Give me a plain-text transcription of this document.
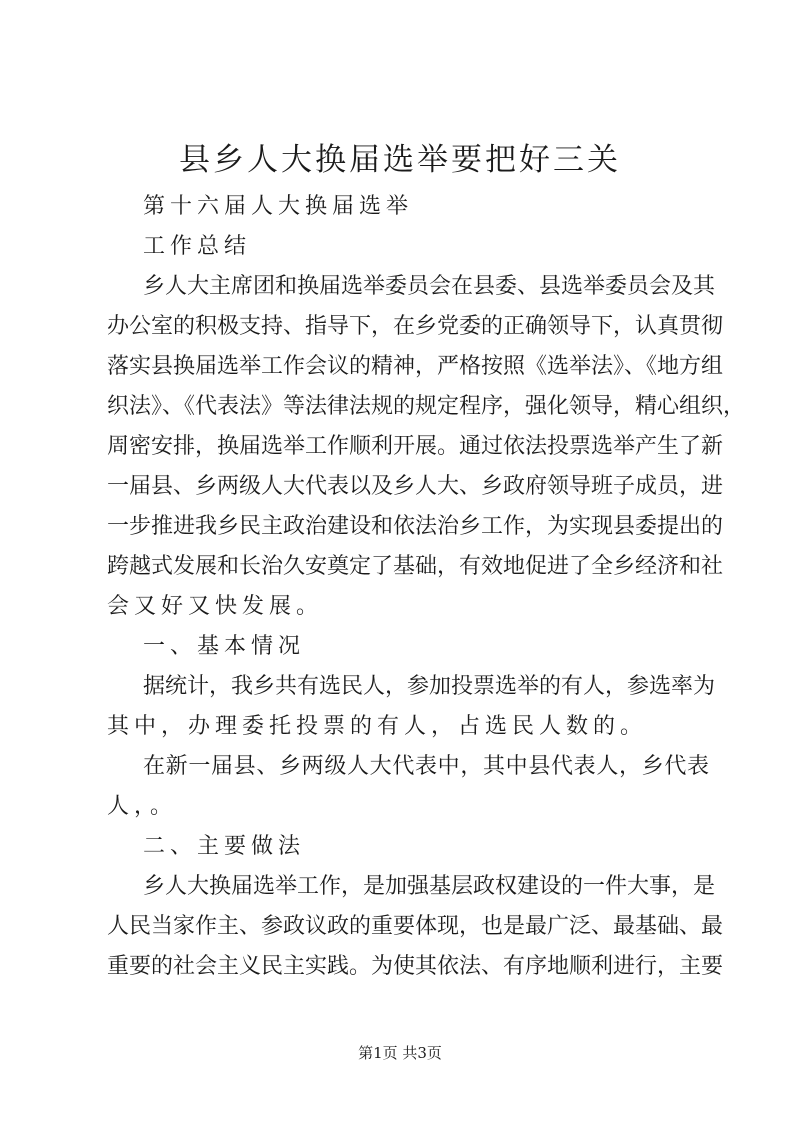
县乡人大换届选举要把好三关
第十六届人大换届选举
工作总结
乡人大主席团和换届选举委员会在县委、县选举委员会及其
办公室的积极支持、指导下，在乡党委的正确领导下，认真贯彻
落实县换届选举工作会议的精神，严格按照《选举法》、《地方组
织法》、《代表法》等法律法规的规定程序，强化领导，精心组织，
周密安排，换届选举工作顺利开展。通过依法投票选举产生了新
一届县、乡两级人大代表以及乡人大、乡政府领导班子成员，进
一步推进我乡民主政治建设和依法治乡工作，为实现县委提出的
跨越式发展和长治久安奠定了基础，有效地促进了全乡经济和社
会又好又快发展。
一、基本情况
据统计，我乡共有选民人，参加投票选举的有人，参选率为
其中，办理委托投票的有人，占选民人数的。
在新一届县、乡两级人大代表中，其中县代表人，乡代表
人，。
二、主要做法
乡人大换届选举工作，是加强基层政权建设的一件大事，是
人民当家作主、参政议政的重要体现，也是最广泛、最基础、最
重要的社会主义民主实践。为使其依法、有序地顺利进行，主要
第1页 共3页
